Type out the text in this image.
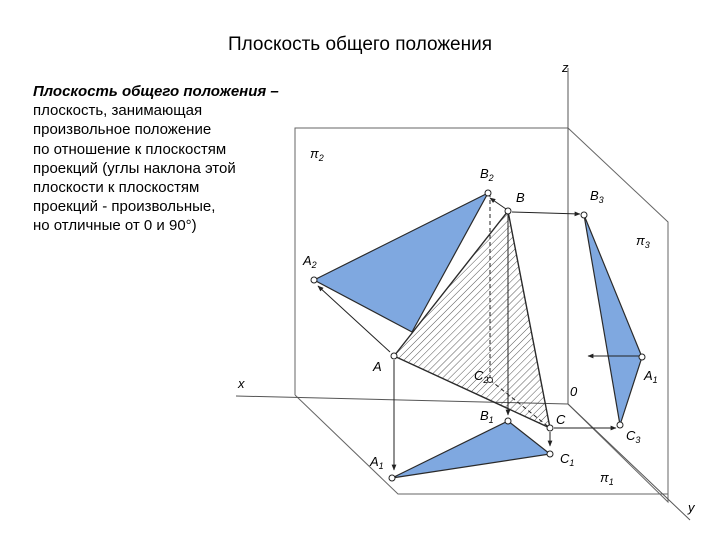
Плоскость общего положения
Плоскость общего положения –
плоскость, занимающая
произвольное положение
по отношение к плоскостям
проекций (углы наклона этой
плоскости к плоскостям
проекций - произвольные,
но отличные от 0 и 90°)
z
x
y
0
$\pi_2$
$\pi_3$
$\pi_1$
$A_2$
$B_2$
B
A
$C_2$
C
$B_1$
$A_1$	$C_1$
$B_3$
$A_1$
$C_3$
